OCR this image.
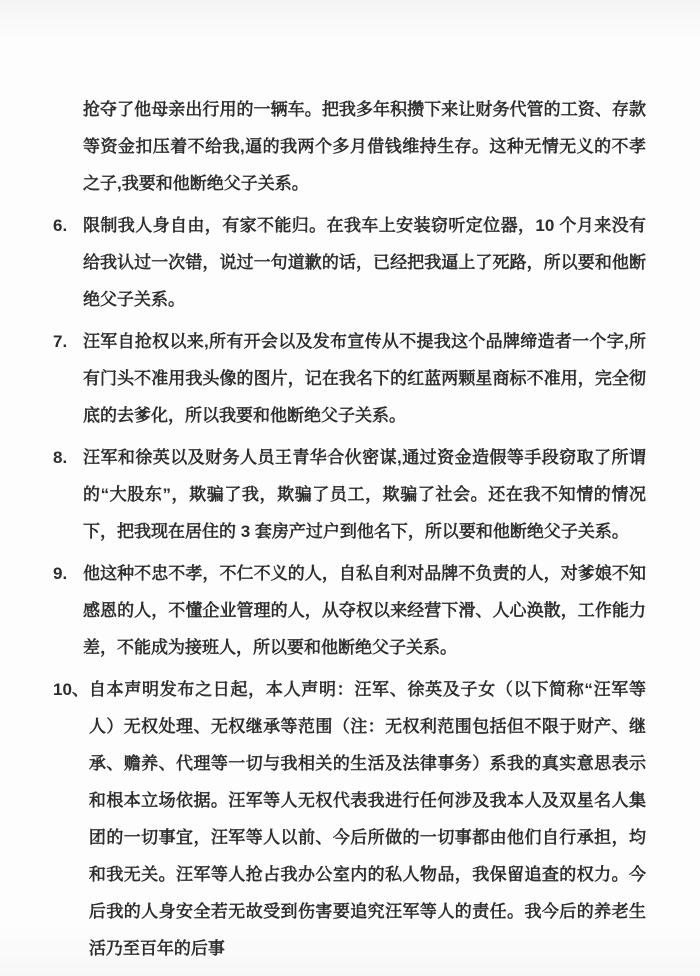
抢夺了他母亲出行用的一辆车。把我多年积攒下来让财务代管的工资、存款等资金扣压着不给我,逼的我两个多月借钱维持生存。这种无情无义的不孝之子,我要和他断绝父子关系。

6. 限制我人身自由，有家不能归。在我车上安装窃听定位器，10 个月来没有给我认过一次错，说过一句道歉的话，已经把我逼上了死路，所以要和他断绝父子关系。
7. 汪军自抢权以来,所有开会以及发布宣传从不提我这个品牌缔造者一个字,所有门头不准用我头像的图片，记在我名下的红蓝两颗星商标不准用，完全彻底的去爹化，所以我要和他断绝父子关系。
8. 汪军和徐英以及财务人员王青华合伙密谋,通过资金造假等手段窃取了所谓的“大股东”，欺骗了我，欺骗了员工，欺骗了社会。还在我不知情的情况下，把我现在居住的 3 套房产过户到他名下，所以要和他断绝父子关系。
9. 他这种不忠不孝，不仁不义的人，自私自利对品牌不负责的人，对爹娘不知感恩的人，不懂企业管理的人，从夺权以来经营下滑、人心涣散，工作能力差，不能成为接班人，所以要和他断绝父子关系。
10、 自本声明发布之日起，本人声明：汪军、徐英及子女（以下简称“汪军等人）无权处理、无权继承等范围（注：无权利范围包括但不限于财产、继承、赡养、代理等一切与我相关的生活及法律事务）系我的真实意思表示和根本立场依据。汪军等人无权代表我进行任何涉及我本人及双星名人集团的一切事宜，汪军等人以前、今后所做的一切事都由他们自行承担，均和我无关。汪军等人抢占我办公室内的私人物品，我保留追查的权力。今后我的人身安全若无故受到伤害要追究汪军等人的责任。我今后的养老生活乃至百年的后事
